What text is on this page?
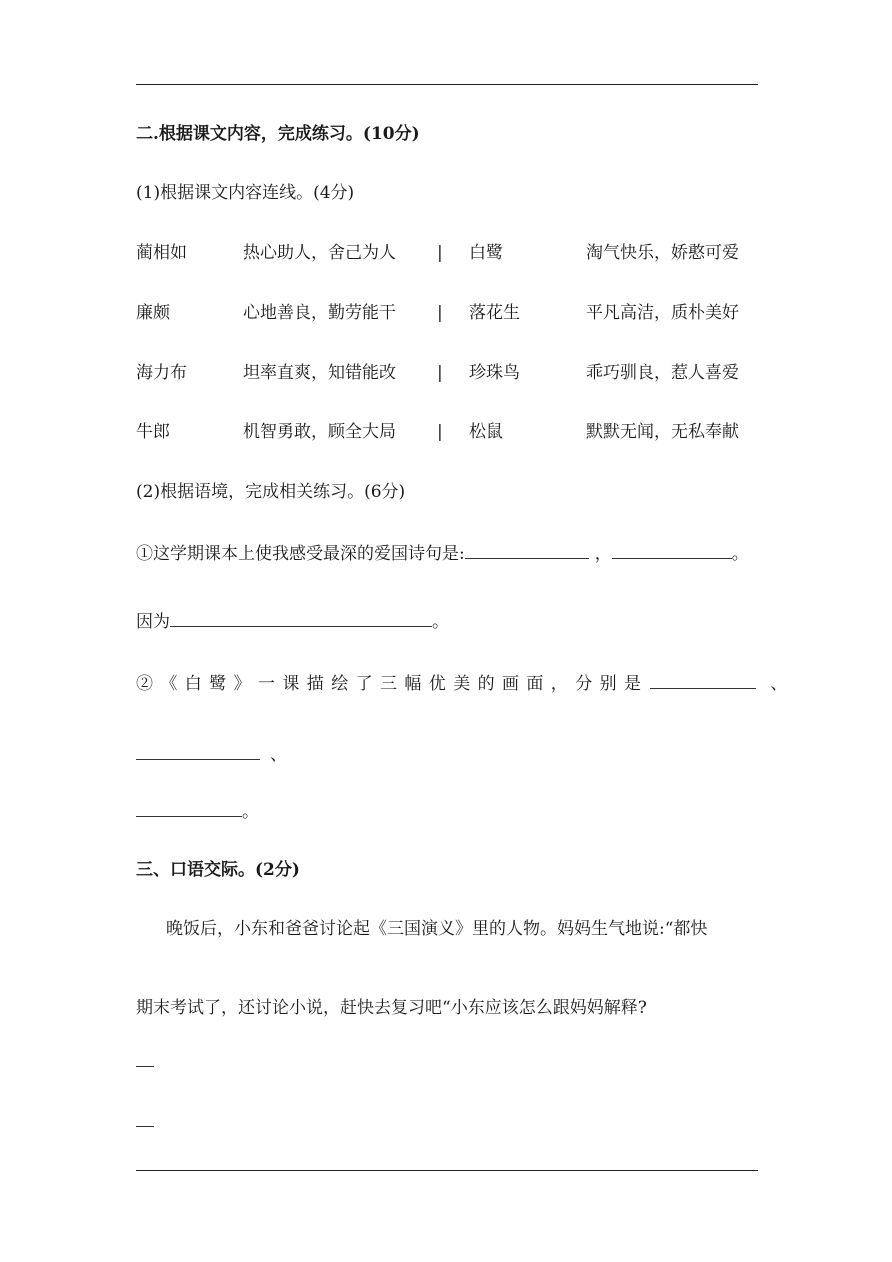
二.根据课文内容，完成练习。(10分)
(1)根据课文内容连线。(4分)
蔺相如	热心助人，舍己为人 | 白鹭	淘气快乐，娇憨可爱
廉颇	心地善良，勤劳能干 | 落花生	平凡高洁，质朴美好
海力布	坦率直爽，知错能改 | 珍珠鸟	乖巧驯良，惹人喜爱
牛郎	机智勇敢，顾全大局 | 松鼠	默默无闻，无私奉献
(2)根据语境，完成相关练习。(6分)
①这学期课本上使我感受最深的爱国诗句是:	，	。
因为	。
②《白鹭》一课描绘了三幅优美的画面，分别是	、
、
。
三、口语交际。(2分)
晚饭后，小东和爸爸讨论起《三国演义》里的人物。妈妈生气地说:“都快
期末考试了，还讨论小说，赶快去复习吧“小东应该怎么跟妈妈解释?
